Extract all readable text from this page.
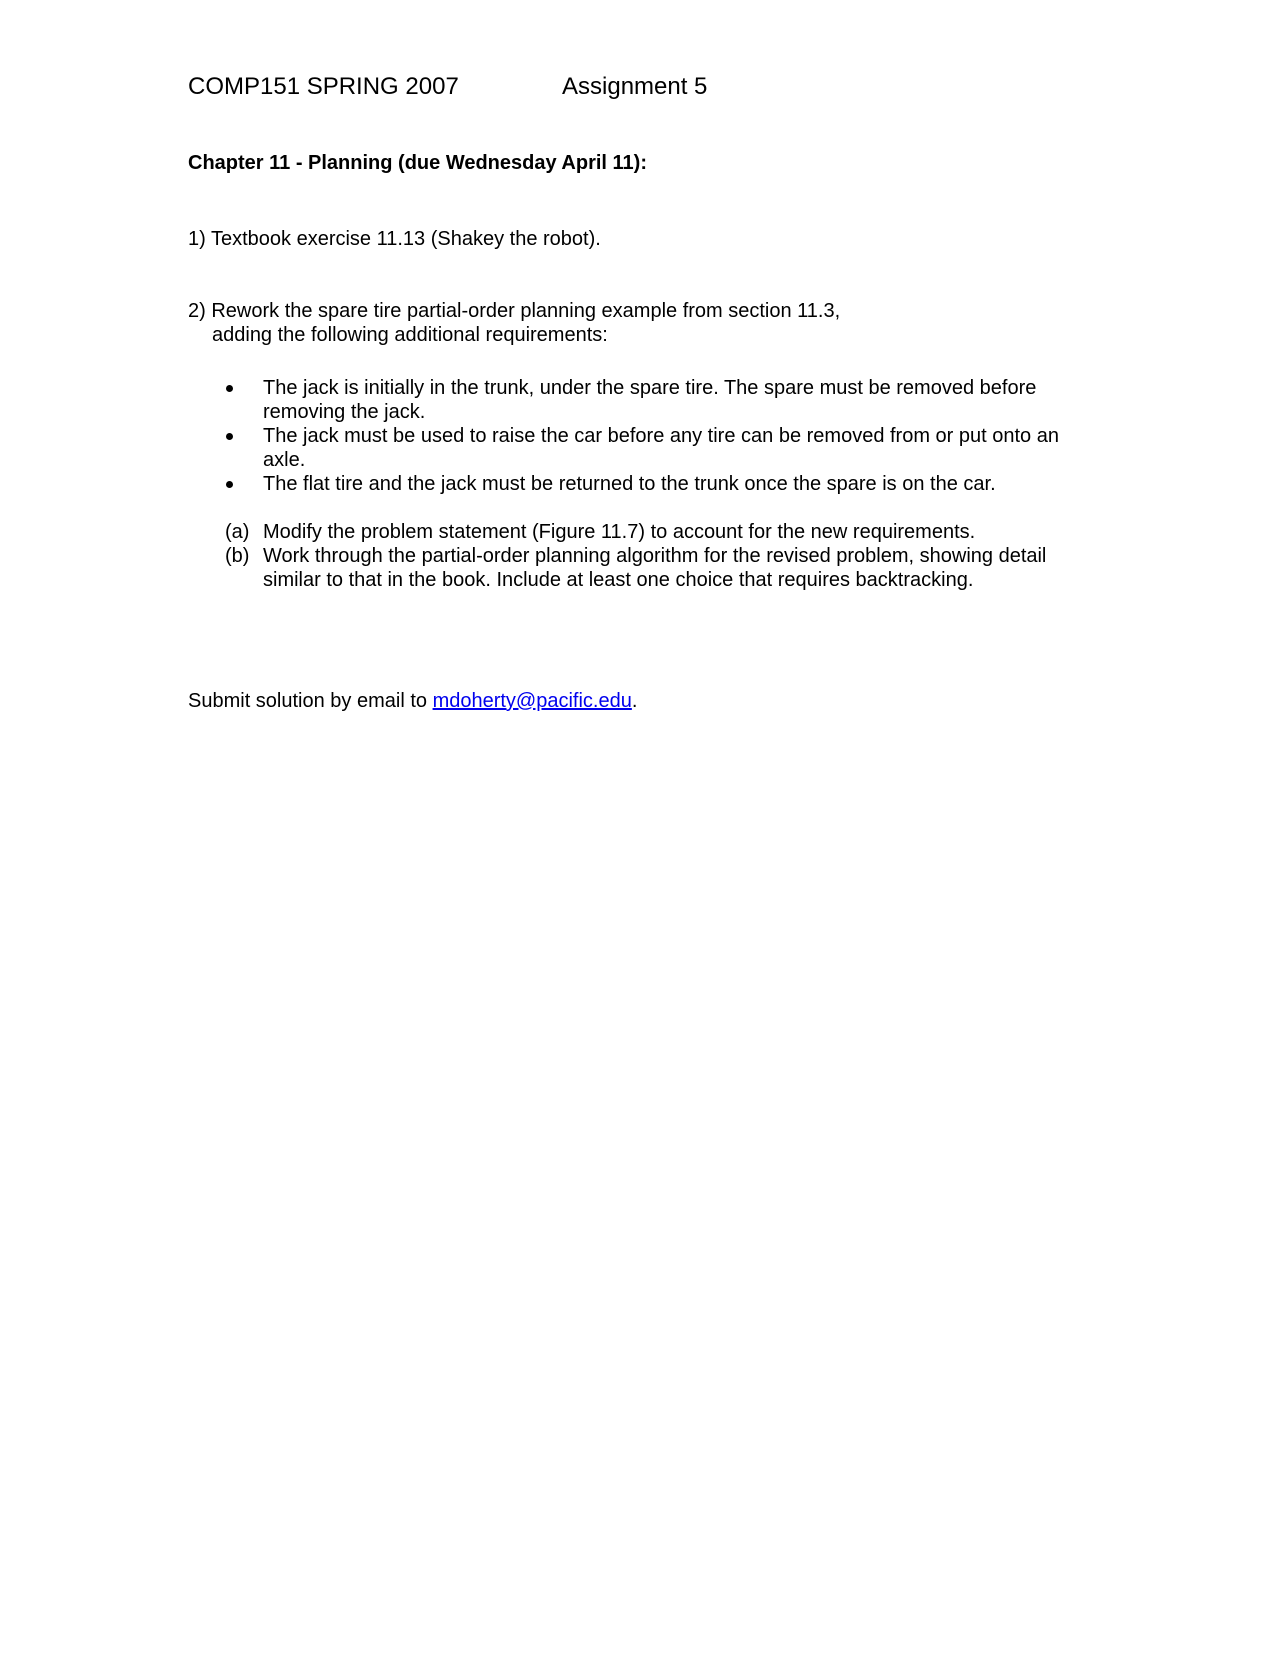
COMP151 SPRING 2007	Assignment 5
Chapter 11 - Planning (due Wednesday April 11):
1) Textbook exercise 11.13 (Shakey the robot).
2) Rework the spare tire partial-order planning example from section 11.3,
adding the following additional requirements:
The jack is initially in the trunk, under the spare tire. The spare must be removed before removing the jack.
The jack must be used to raise the car before any tire can be removed from or put onto an axle.
The flat tire and the jack must be returned to the trunk once the spare is on the car.
(a) Modify the problem statement (Figure 11.7) to account for the new requirements.
(b) Work through the partial-order planning algorithm for the revised problem, showing detail similar to that in the book. Include at least one choice that requires backtracking.
Submit solution by email to mdoherty@pacific.edu.
